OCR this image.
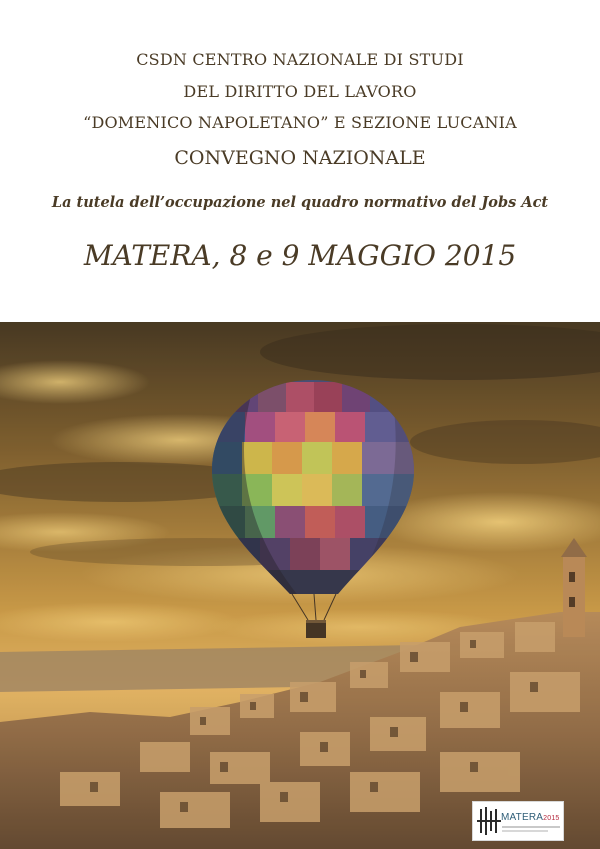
CSDN CENTRO NAZIONALE DI STUDI
DEL DIRITTO DEL LAVORO
“DOMENICO NAPOLETANO” E SEZIONE LUCANIA
CONVEGNO NAZIONALE
La tutela dell’occupazione nel quadro normativo del Jobs Act
MATERA, 8 e 9 MAGGIO 2015
MATERA2015
